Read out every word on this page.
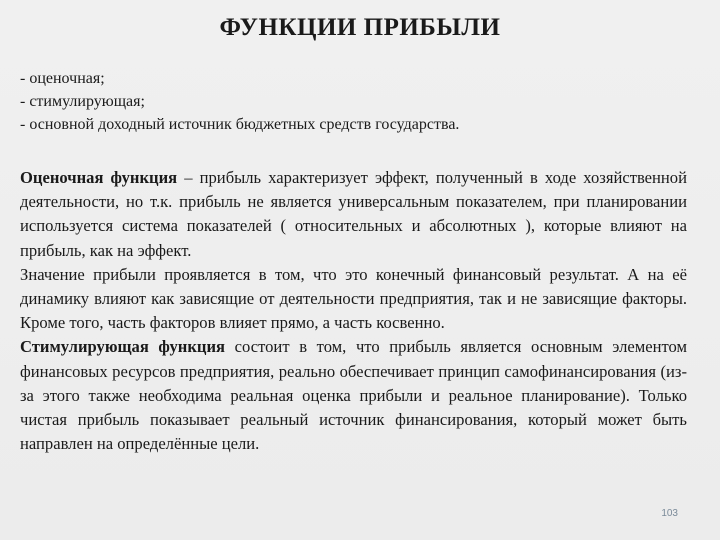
ФУНКЦИИ ПРИБЫЛИ
- оценочная;
- стимулирующая;
- основной доходный источник бюджетных средств государства.

Оценочная функция – прибыль характеризует эффект, полученный в ходе хозяйственной деятельности, но т.к. прибыль не является универсальным показателем, при планировании используется система показателей ( относительных и абсолютных ), которые влияют на прибыль, как на эффект.

Значение прибыли проявляется в том, что это конечный финансовый результат. А на её динамику влияют как зависящие от деятельности предприятия, так и не зависящие факторы. Кроме того, часть факторов влияет прямо, а часть косвенно.

Стимулирующая функция состоит в том, что прибыль является основным элементом финансовых ресурсов предприятия, реально обеспечивает принцип самофинансирования (из-за этого также необходима реальная оценка прибыли и реальное планирование). Только чистая прибыль показывает реальный источник финансирования, который может быть направлен на определённые цели.

103
